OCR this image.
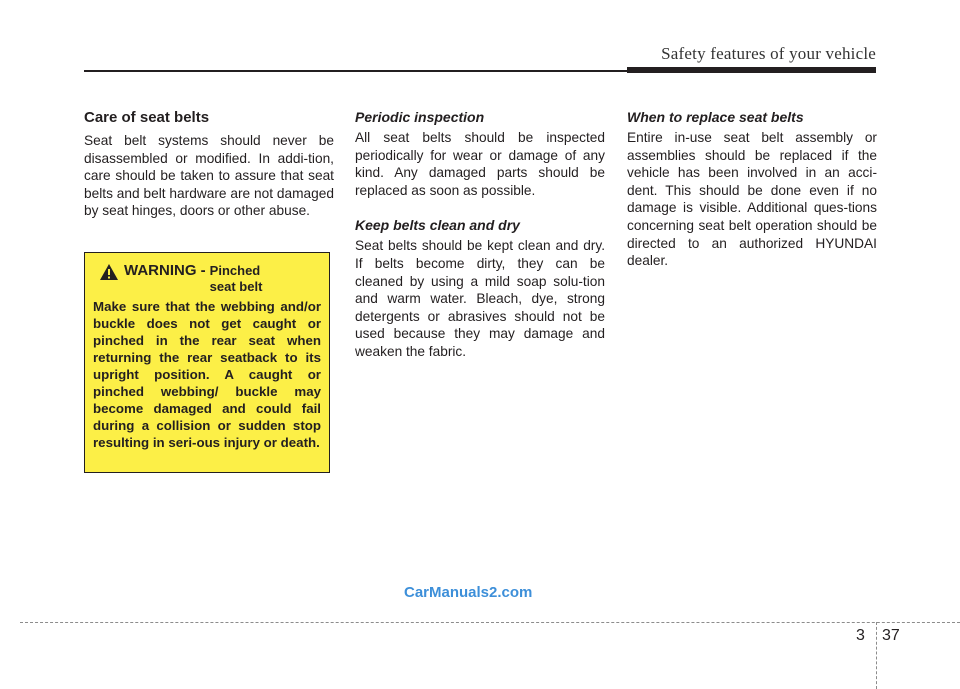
Safety features of your vehicle
Care of seat belts

Seat belt systems should never be disassembled or modified. In addi-tion, care should be taken to assure that seat belts and belt hardware are not damaged by seat hinges, doors or other abuse.

WARNING - Pinched seat belt
Make sure that the webbing and/or buckle does not get caught or pinched in the rear seat when returning the rear seatback to its upright position. A caught or pinched webbing/ buckle may become damaged and could fail during a collision or sudden stop resulting in seri-ous injury or death.
Periodic inspection

All seat belts should be inspected periodically for wear or damage of any kind. Any damaged parts should be replaced as soon as possible.

Keep belts clean and dry

Seat belts should be kept clean and dry. If belts become dirty, they can be cleaned by using a mild soap solu-tion and warm water. Bleach, dye, strong detergents or abrasives should not be used because they may damage and weaken the fabric.

When to replace seat belts

Entire in-use seat belt assembly or assemblies should be replaced if the vehicle has been involved in an acci-dent. This should be done even if no damage is visible. Additional ques-tions concerning seat belt operation should be directed to an authorized HYUNDAI dealer.

CarManuals2.com
3 37
